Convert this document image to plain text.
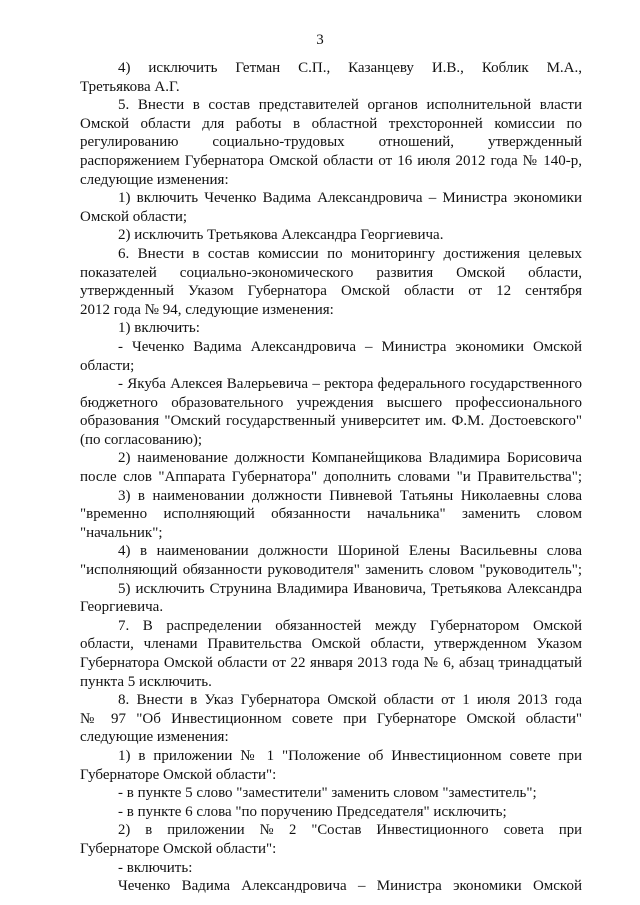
3
4) исключить Гетман С.П., Казанцеву И.В., Коблик М.А.,
Третьякова А.Г.
5. Внести в состав представителей органов исполнительной власти
Омской области для работы в областной трехсторонней комиссии по
регулированию социально-трудовых отношений, утвержденный
распоряжением Губернатора Омской области от 16 июля 2012 года № 140-р,
следующие изменения:
1) включить Чеченко Вадима Александровича – Министра экономики
Омской области;
2) исключить Третьякова Александра Георгиевича.
6. Внести в состав комиссии по мониторингу достижения целевых
показателей социально-экономического развития Омской области,
утвержденный Указом Губернатора Омской области от 12 сентября
2012 года № 94, следующие изменения:
1) включить:
- Чеченко Вадима Александровича – Министра экономики Омской
области;
- Якуба Алексея Валерьевича – ректора федерального государственного
бюджетного образовательного учреждения высшего профессионального
образования "Омский государственный университет им. Ф.М. Достоевского"
(по согласованию);
2) наименование должности Компанейщикова Владимира Борисовича
после слов "Аппарата Губернатора" дополнить словами "и Правительства";
3) в наименовании должности Пивневой Татьяны Николаевны слова
"временно исполняющий обязанности начальника" заменить словом
"начальник";
4) в наименовании должности Шориной Елены Васильевны слова
"исполняющий обязанности руководителя" заменить словом "руководитель";
5) исключить Струнина Владимира Ивановича, Третьякова Александра
Георгиевича.
7. В распределении обязанностей между Губернатором Омской
области, членами Правительства Омской области, утвержденном Указом
Губернатора Омской области от 22 января 2013 года № 6, абзац тринадцатый
пункта 5 исключить.
8. Внести в Указ Губернатора Омской области от 1 июля 2013 года
№ 97 "Об Инвестиционном совете при Губернаторе Омской области"
следующие изменения:
1) в приложении № 1 "Положение об Инвестиционном совете при
Губернаторе Омской области":
- в пункте 5 слово "заместители" заменить словом "заместитель";
- в пункте 6 слова "по поручению Председателя" исключить;
2) в приложении № 2 "Состав Инвестиционного совета при
Губернаторе Омской области":
- включить:
Чеченко Вадима Александровича – Министра экономики Омской
